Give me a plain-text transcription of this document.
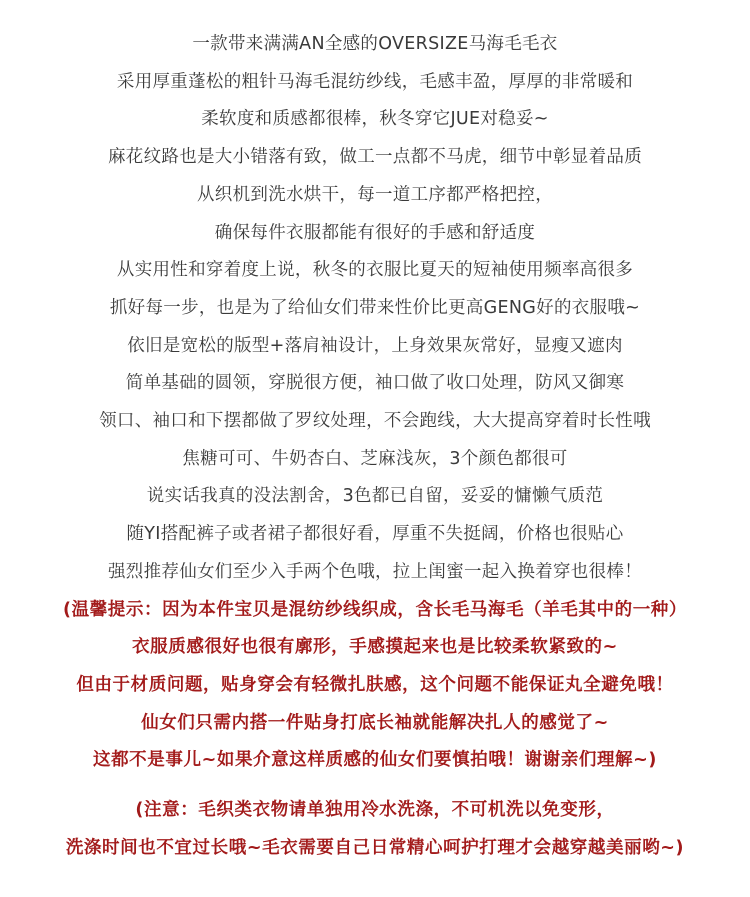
一款带来满满AN全感的OVERSIZE马海毛毛衣
采用厚重蓬松的粗针马海毛混纺纱线，毛感丰盈，厚厚的非常暖和
柔软度和质感都很棒，秋冬穿它JUE对稳妥~
麻花纹路也是大小错落有致，做工一点都不马虎，细节中彰显着品质
从织机到洗水烘干，每一道工序都严格把控，
确保每件衣服都能有很好的手感和舒适度
从实用性和穿着度上说，秋冬的衣服比夏天的短袖使用频率高很多
抓好每一步，也是为了给仙女们带来性价比更高GENG好的衣服哦~
依旧是宽松的版型+落肩袖设计，上身效果灰常好，显瘦又遮肉
简单基础的圆领，穿脱很方便，袖口做了收口处理，防风又御寒
领口、袖口和下摆都做了罗纹处理，不会跑线，大大提高穿着时长性哦
焦糖可可、牛奶杏白、芝麻浅灰，3个颜色都很可
说实话我真的没法割舍，3色都已自留，妥妥的慵懒气质范
随YI搭配裤子或者裙子都很好看，厚重不失挺阔，价格也很贴心
强烈推荐仙女们至少入手两个色哦，拉上闺蜜一起入换着穿也很棒！
(温馨提示：因为本件宝贝是混纺纱线织成，含长毛马海毛（羊毛其中的一种）
衣服质感很好也很有廓形，手感摸起来也是比较柔软紧致的~
但由于材质问题，贴身穿会有轻微扎肤感，这个问题不能保证丸全避免哦！
仙女们只需内搭一件贴身打底长袖就能解决扎人的感觉了~
这都不是事儿~如果介意这样质感的仙女们要慎拍哦！谢谢亲们理解~)
(注意：毛织类衣物请单独用冷水洗涤，不可机洗以免变形，
洗涤时间也不宜过长哦~毛衣需要自己日常精心呵护打理才会越穿越美丽哟~)
